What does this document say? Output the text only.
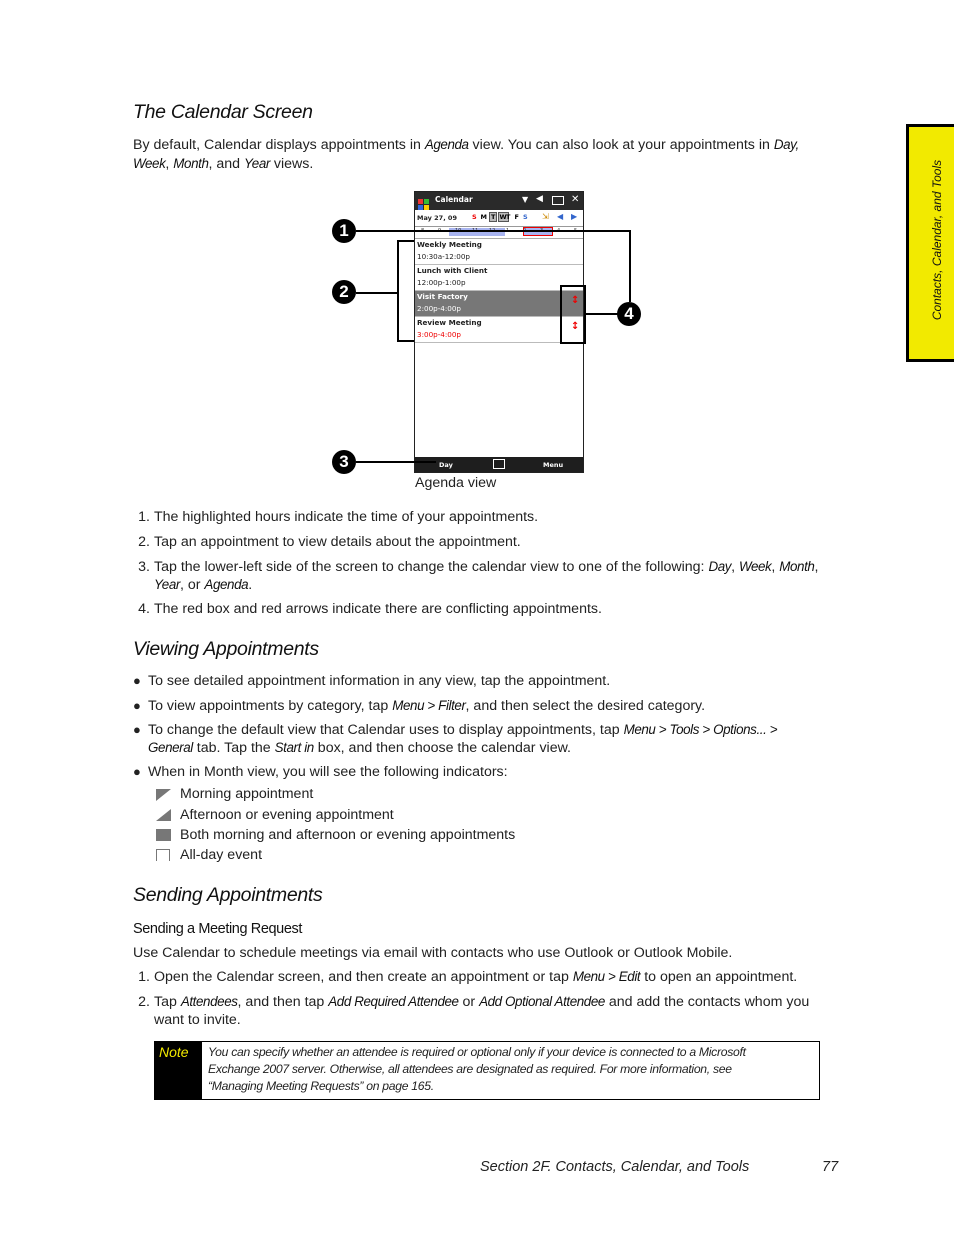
Contacts, Calendar, and Tools
The Calendar Screen
By default, Calendar displays appointments in Agenda view. You can also look at your appointments in Day,
Week, Month, and Year views.
Calendar	▼ ◀	✕
May 27, 09 S M T W T F S ⇲ ◀ ▶
Weekly Meeting
10:30a-12:00p
Lunch with Client
12:00p-1:00p
Visit Factory
2:00p-4:00p
↕
Review Meeting
3:00p-4:00p
↕
Day	Menu
1
2
3
4
Agenda view
1. The highlighted hours indicate the time of your appointments.
2. Tap an appointment to view details about the appointment.
3. Tap the lower-left side of the screen to change the calendar view to one of the following: Day, Week, Month,
Year, or Agenda.
4. The red box and red arrows indicate there are conflicting appointments.
Viewing Appointments
● To see detailed appointment information in any view, tap the appointment.
● To view appointments by category, tap Menu > Filter, and then select the desired category.
● To change the default view that Calendar uses to display appointments, tap Menu > Tools > Options... >
General tab. Tap the Start in box, and then choose the calendar view.
● When in Month view, you will see the following indicators:
Morning appointment
Afternoon or evening appointment
Both morning and afternoon or evening appointments
All-day event
Sending Appointments
Sending a Meeting Request
Use Calendar to schedule meetings via email with contacts who use Outlook or Outlook Mobile.
1. Open the Calendar screen, and then create an appointment or tap Menu > Edit to open an appointment.
2. Tap Attendees, and then tap Add Required Attendee or Add Optional Attendee and add the contacts whom you
want to invite.
Note	You can specify whether an attendee is required or optional only if your device is connected to a Microsoft
Exchange 2007 server. Otherwise, all attendees are designated as required. For more information, see
“Managing Meeting Requests” on page 165.
Section 2F. Contacts, Calendar, and Tools	77
